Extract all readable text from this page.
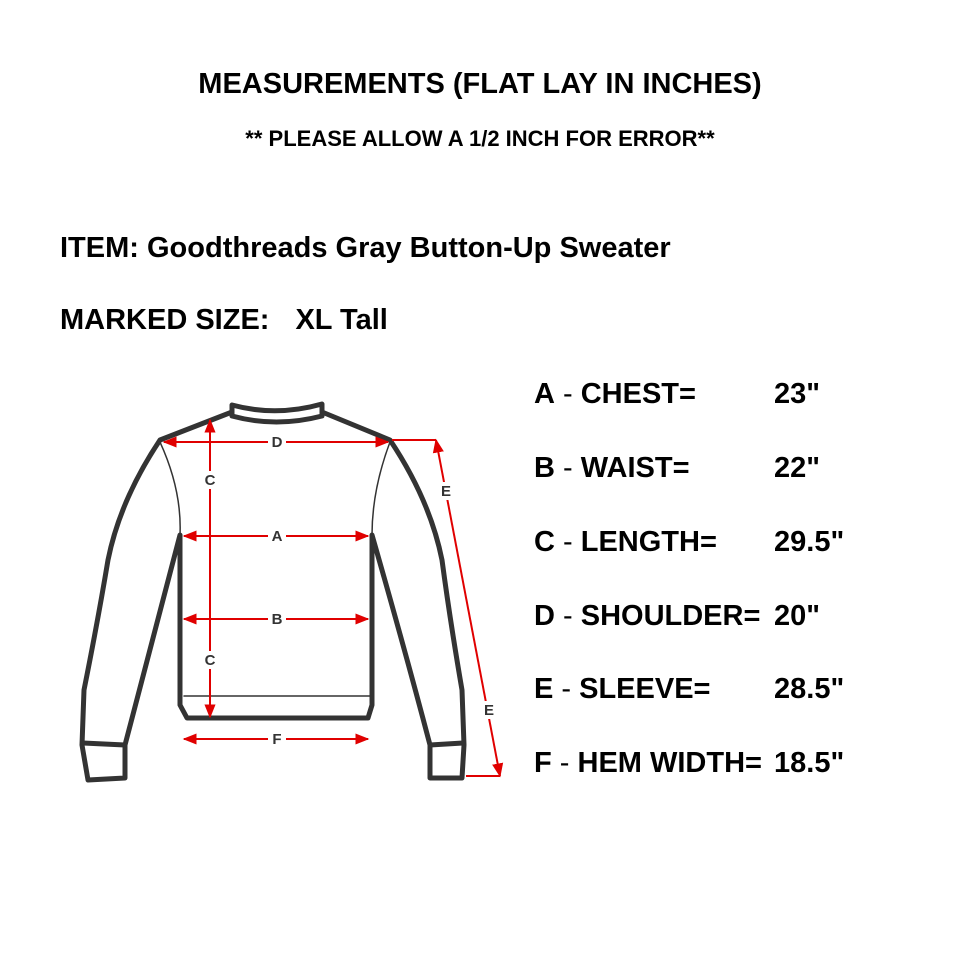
MEASUREMENTS (FLAT LAY IN INCHES)
** PLEASE ALLOW A 1/2 INCH FOR ERROR**
ITEM: Goodthreads Gray Button-Up Sweater
MARKED SIZE: XL Tall
D
A
B
F
C
C
E
E
A - CHEST=	23"
B - WAIST=	22"
C - LENGTH= 29.5"
D - SHOULDER= 20"
E - SLEEVE= 28.5"
F - HEM WIDTH= 18.5"
